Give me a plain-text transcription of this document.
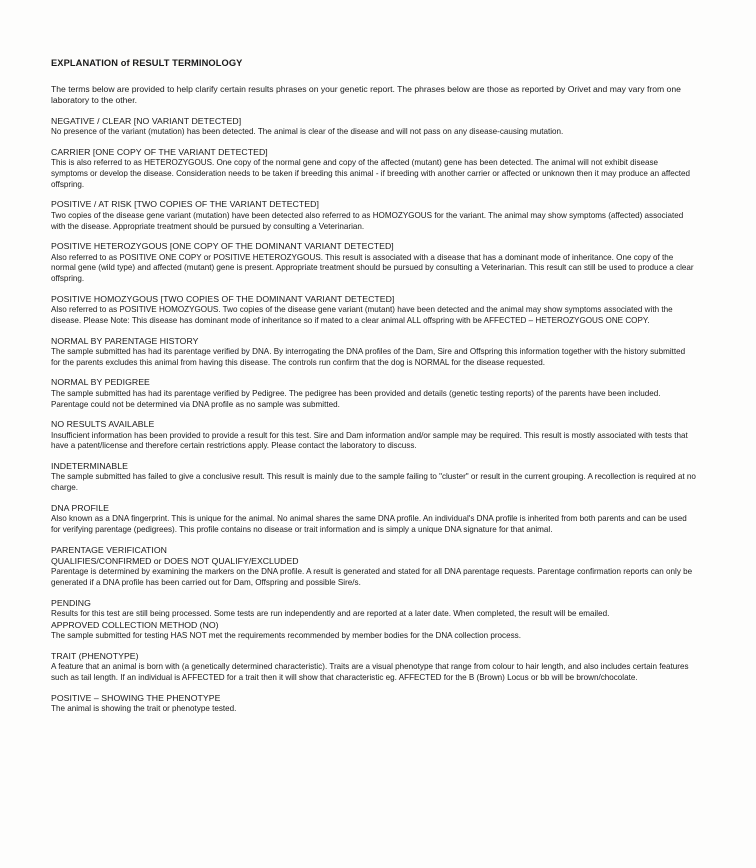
EXPLANATION of RESULT TERMINOLOGY
The terms below are provided to help clarify certain results phrases on your genetic report. The phrases below are those as reported by Orivet and may vary from one laboratory to the other.
NEGATIVE / CLEAR [NO VARIANT DETECTED]
No presence of the variant (mutation) has been detected. The animal is clear of the disease and will not pass on any disease-causing mutation.
CARRIER [ONE COPY OF THE VARIANT DETECTED]
This is also referred to as HETEROZYGOUS. One copy of the normal gene and copy of the affected (mutant) gene has been detected. The animal will not exhibit disease symptoms or develop the disease. Consideration needs to be taken if breeding this animal - if breeding with another carrier or affected or unknown then it may produce an affected offspring.
POSITIVE / AT RISK [TWO COPIES OF THE VARIANT DETECTED]
Two copies of the disease gene variant (mutation) have been detected also referred to as HOMOZYGOUS for the variant. The animal may show symptoms (affected) associated with the disease. Appropriate treatment should be pursued by consulting a Veterinarian.
POSITIVE HETEROZYGOUS [ONE COPY OF THE DOMINANT VARIANT DETECTED]
Also referred to as POSITIVE ONE COPY or POSITIVE HETEROZYGOUS. This result is associated with a disease that has a dominant mode of inheritance. One copy of the normal gene (wild type) and affected (mutant) gene is present. Appropriate treatment should be pursued by consulting a Veterinarian. This result can still be used to produce a clear offspring.
POSITIVE HOMOZYGOUS [TWO COPIES OF THE DOMINANT VARIANT DETECTED]
Also referred to as POSITIVE HOMOZYGOUS. Two copies of the disease gene variant (mutant) have been detected and the animal may show symptoms associated with the disease. Please Note: This disease has dominant mode of inheritance so if mated to a clear animal ALL offspring with be AFFECTED – HETEROZYGOUS ONE COPY.
NORMAL BY PARENTAGE HISTORY
The sample submitted has had its parentage verified by DNA. By interrogating the DNA profiles of the Dam, Sire and Offspring this information together with the history submitted for the parents excludes this animal from having this disease. The controls run confirm that the dog is NORMAL for the disease requested.
NORMAL BY PEDIGREE
The sample submitted has had its parentage verified by Pedigree. The pedigree has been provided and details (genetic testing reports) of the parents have been included. Parentage could not be determined via DNA profile as no sample was submitted.
NO RESULTS AVAILABLE
Insufficient information has been provided to provide a result for this test. Sire and Dam information and/or sample may be required. This result is mostly associated with tests that have a patent/license and therefore certain restrictions apply. Please contact the laboratory to discuss.
INDETERMINABLE
The sample submitted has failed to give a conclusive result. This result is mainly due to the sample failing to "cluster" or result in the current grouping. A recollection is required at no charge.
DNA PROFILE
Also known as a DNA fingerprint. This is unique for the animal. No animal shares the same DNA profile. An individual's DNA profile is inherited from both parents and can be used for verifying parentage (pedigrees). This profile contains no disease or trait information and is simply a unique DNA signature for that animal.
PARENTAGE VERIFICATION
QUALIFIES/CONFIRMED or DOES NOT QUALIFY/EXCLUDED
Parentage is determined by examining the markers on the DNA profile. A result is generated and stated for all DNA parentage requests. Parentage confirmation reports can only be generated if a DNA profile has been carried out for Dam, Offspring and possible Sire/s.
PENDING
Results for this test are still being processed. Some tests are run independently and are reported at a later date. When completed, the result will be emailed.
APPROVED COLLECTION METHOD (NO)
The sample submitted for testing HAS NOT met the requirements recommended by member bodies for the DNA collection process.
TRAIT (PHENOTYPE)
A feature that an animal is born with (a genetically determined characteristic). Traits are a visual phenotype that range from colour to hair length, and also includes certain features such as tail length. If an individual is AFFECTED for a trait then it will show that characteristic eg. AFFECTED for the B (Brown) Locus or bb will be brown/chocolate.
POSITIVE – SHOWING THE PHENOTYPE
The animal is showing the trait or phenotype tested.
